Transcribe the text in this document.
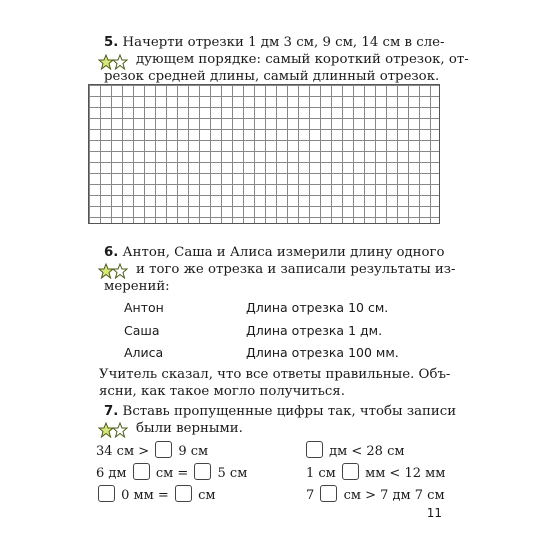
5. Начерти отрезки 1 дм 3 см, 9 см, 14 см в сле-
дующем порядке: самый короткий отрезок, от-
резок средней длины, самый длинный отрезок.
6. Антон, Саша и Алиса измерили длину одного
и того же отрезка и записали результаты из-
мерений:
Антон	Длина отрезка 10 см.
Саша	Длина отрезка 1 дм.
Алиса	Длина отрезка 100 мм.
Учитель сказал, что все ответы правильные. Объ-
ясни, как такое могло получиться.
7. Вставь пропущенные цифры так, чтобы записи
были верными.
34 см > 9 см
6 дм см = 5 см
0 мм = см
дм < 28 см
1 см мм < 12 мм
7 см > 7 дм 7 см
11
